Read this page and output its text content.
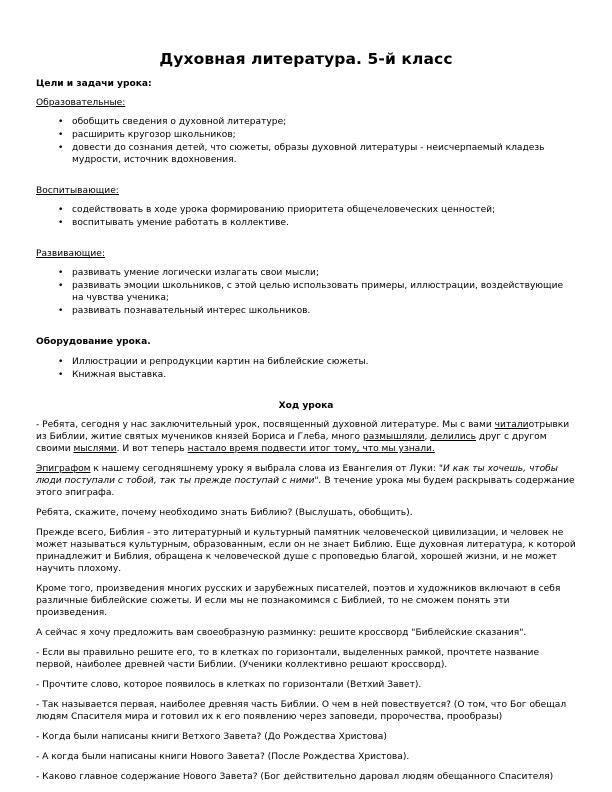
Духовная литература. 5-й класс
Цели и задачи урока:
Образовательные:
• обобщить сведения о духовной литературе;
• расширить кругозор школьников;
• довести до сознания детей, что сюжеты, образы духовной литературы - неисчерпаемый кладезь мудрости, источник вдохновения.
Воспитывающие:
• содействовать в ходе урока формированию приоритета общечеловеческих ценностей;
• воспитывать умение работать в коллективе.
Развивающие:
• развивать умение логически излагать свои мысли;
• развивать эмоции школьников, с этой целью использовать примеры, иллюстрации, воздействующие на чувства ученика;
• развивать познавательный интерес школьников.
Оборудование урока.
• Иллюстрации и репродукции картин на библейские сюжеты.
• Книжная выставка.
Ход урока

- Ребята, сегодня у нас заключительный урок, посвященный духовной литературе. Мы с вами читалиотрывки из Библии, житие святых мучеников князей Бориса и Глеба, много размышляли, делились друг с другом своими мыслями. И вот теперь настало время подвести итог тому, что мы узнали.

Эпиграфом к нашему сегодняшнему уроку я выбрала слова из Евангелия от Луки: "И как ты хочешь, чтобы люди поступали с тобой, так ты прежде поступай с ними". В течение урока мы будем раскрывать содержание этого эпиграфа.

Ребята, скажите, почему необходимо знать Библию? (Выслушать, обобщить).

Прежде всего, Библия - это литературный и культурный памятник человеческой цивилизации, и человек не может называться культурным, образованным, если он не знает Библию. Еще духовная литература, к которой принадлежит и Библия, обращена к человеческой душе с проповедью благой, хорошей жизни, и не может научить плохому.

Кроме того, произведения многих русских и зарубежных писателей, поэтов и художников включают в себя различные библейские сюжеты. И если мы не познакомимся с Библией, то не сможем понять эти произведения.

А сейчас я хочу предложить вам своеобразную разминку: решите кроссворд "Библейские сказания".

- Если вы правильно решите его, то в клетках по горизонтали, выделенных рамкой, прочтете название первой, наиболее древней части Библии. (Ученики коллективно решают кроссворд).

- Прочтите слово, которое появилось в клетках по горизонтали (Ветхий Завет).

- Так называется первая, наиболее древняя часть Библии. О чем в ней повествуется? (О том, что Бог обещал людям Спасителя мира и готовил их к его появлению через заповеди, пророчества, прообразы)

- Когда были написаны книги Ветхого Завета? (До Рождества Христова)

- А когда были написаны книги Нового Завета? (После Рождества Христова).

- Каково главное содержание Нового Завета? (Бог действительно даровал людям обещанного Спасителя)
